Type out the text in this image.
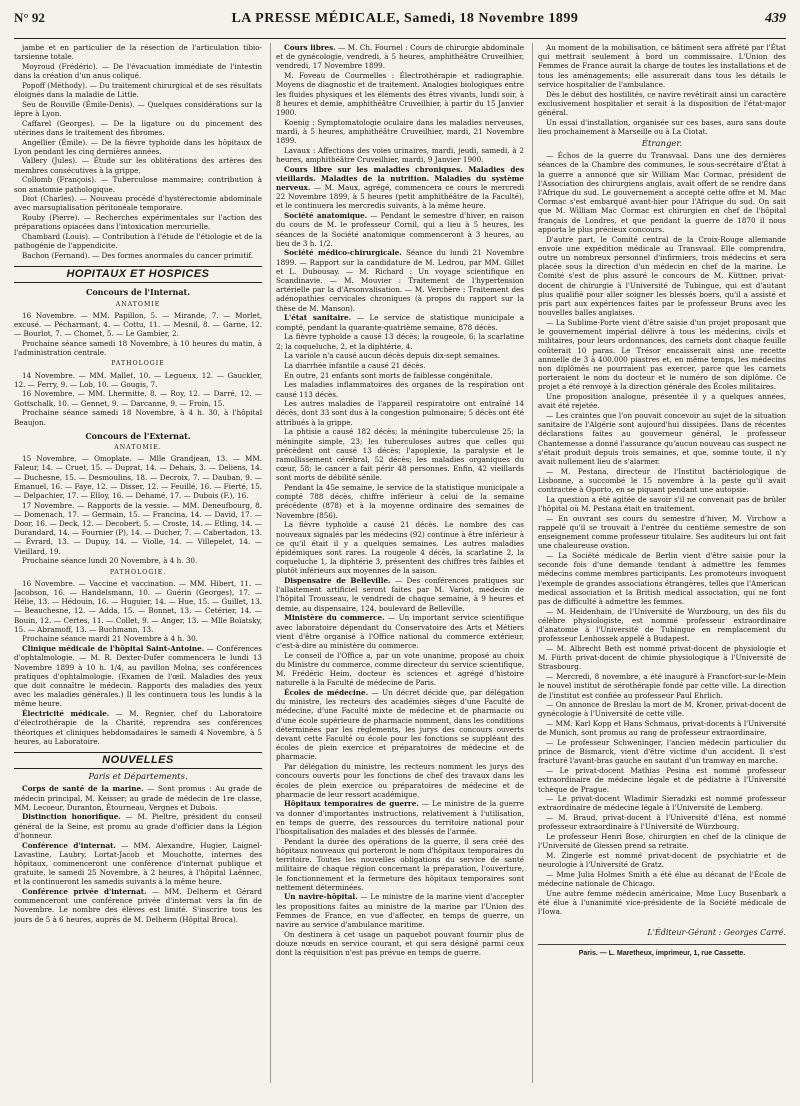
N° 92	LA PRESSE MÉDICALE, Samedi, 18 Novembre 1899	439

jambe et en particulier de la résection de l'articulation tibio-tarsienne totale.

Moyroud (Frédéric). — De l'évacuation immédiate de l'intestin dans la création d'un anus coliqué.

Popoff (Méthody). — Du traitement chirurgical et de ses résultats éloignés dans la maladie de Little.

Seu de Rouville (Émile-Denis). — Quelques considérations sur la lèpre à Lyon.

Caffarel (Georges). — De la ligature ou du pincement des utérines dans le traitement des fibromes.

Angellier (Émile). — De la fièvre typhoïde dans les hôpitaux de Lyon pendant les cinq dernières années.

Vallery (Jules). — Étude sur les oblitérations des artères des membres consécutives à la grippe.

Collomb (François). — Tuberculose mammaire; contribution à son anatomie pathologique.

Diot (Charles). — Nouveau procédé d'hystérectomie abdominale avec marsupialisation péritonéale temporaire.

Rouby (Pierre). — Recherches expérimentales sur l'action des préparations opiacées dans l'intoxication mercurielle.

Chambard (Louis). — Contribution à l'étude de l'étiologie et de la pathogénie de l'appendicite.

Bachon (Fernand). — Des formes anormales du cancer primitif.

HOPITAUX ET HOSPICES
Concours de l'Internat.
ANATOMIE

16 Novembre. — MM. Papillon, 5. — Mirande, 7. — Morlet, excusé. — Pécharmant, 4. — Cottu, 11. — Mesnil, 8. — Garne, 12. — Bourlot, 7. — Chomet, 5. — Le Gambier, 2.

Prochaine séance samedi 18 Novembre, à 10 heures du matin, à l'administration centrale.

PATHOLOGIE

14 Novembre. — MM. Mallet, 10. — Legueux, 12. — Gauckler, 12. — Ferry, 9. — Lob, 10. — Gougis, 7.

16 Novembre. — MM. Lhermitte, 8. — Roy, 12. — Darré, 12. — Gottschalk, 10. — Gennet, 9. — Darcanne, 9. — Froin, 15.

Prochaine séance samedi 18 Novembre, à 4 h. 30, à l'hôpital Beaujon.

Concours de l'Externat.
ANATOMIE.

15 Novembre. — Omoplate. — Mlle Grandjean, 13. — MM. Faleur, 14. — Cruet, 15. — Duprat, 14. — Dehais, 3. — Deliens, 14. — Duchesne, 15. — Desmoulins, 18. — Decroix, 7. — Dauban, 9. — Emanuel, 16. — Faye, 12. — Disser, 12. — Feuillé, 16. — Fierté, 15. — Delpachier, 17. — Elloy, 16. — Dehamé, 17. — Dubois (F.), 16.

17 Novembre. — Rapports de la vessie. — MM. Deneufbourg, 8. — Domenach, 17. — Germain, 15. — Francina, 14. — David, 17. — Door, 16. — Deck, 12. — Decobert, 5. — Croste, 14. — Etling, 14. — Durandard, 14. — Fournier (P), 14. — Ducher, 7. — Cabertadon, 13. — Évrard, 13. — Dupuy, 14. — Violle, 14. — Villepelet, 14. — Vieillard, 19.

Prochaine séance lundi 20 Novembre, à 4 h. 30.

PATHOLOGIE.

16 Novembre. — Vaccine et vaccination. — MM. Hibert, 11. — Jacobson, 16. — Handelsmann, 10. — Guérin (Georges), 17. — Hélie, 13. — Hédouin, 16. — Huguier, 14. — Hue, 15. — Guillet, 13. — Beauchesne, 12. — Adda, 15. — Bonnet, 13. — Cetérier, 14. — Bouin, 12. — Certes, 11. — Collet, 9. — Anger, 13. — Mlle Boïatsky, 15. — Abramoff, 13. — Buchmann, 13.

Prochaine séance mardi 21 Novembre à 4 h. 30.

Clinique médicale de l'hôpital Saint-Antoine. — Conférences d'ophtalmologie. — M. R. Dexter-Dufer commencera le lundi 13 Novembre 1899 à 10 h. 1/4, au pavillon Moïna, ses conférences pratiques d'ophtalmologie. (Examen de l'œil. Maladies des yeux que doit connaître le médecin. Rapports des maladies des yeux avec les maladies générales.) Il les continuera tous les lundis à la même heure.

Électricité médicale. — M. Regnier, chef du Laboratoire d'électrothérapie de la Charité, reprendra ses conférences théoriques et cliniques hebdomadaires le samedi 4 Novembre, à 5 heures, au Laboratoire.

NOUVELLES
Paris et Départements.

Corps de santé de la marine. — Sont promus : Au grade de médecin principal, M. Keisser; au grade de médecin de 1re classe, MM. Lecoeur, Duranton, Étourneau, Vergnes et Dubois.

Distinction honorifique. — M. Pieltre, président du conseil général de la Seine, est promu au grade d'officier dans la Légion d'honneur.

Conférence d'internat. — MM. Alexandre, Hugier, Laignel-Lavastine, Laubry, Lortat-Jacob et Mouchotte, internes des hôpitaux, commenceront une conférence d'internat publique et gratuite, le samedi 25 Novembre, à 2 heures, à l'hôpital Laënnec, et la continueront les samedis suivants à la même heure.

Conférence privée d'internat. — MM. Delherm et Gérard commenceront une conférence privée d'internat vers la fin de Novembre. Le nombre des élèves est limité. S'inscrire tous les jours de 5 à 6 heures, auprès de M. Delherm (Hôpital Broca).

Cours libres. — M. Ch. Fournel : Cours de chirurgie abdominale et de gynécologie, vendredi, à 5 heures, amphithéâtre Cruveilhier, vendredi, 17 Novembre 1899.

M. Foveau de Courmelles : Électrothérapie et radiographie. Moyens de diagnostic et de traitement. Analogies biologiques entre les fluides physiques et les éléments des êtres vivants, lundi soir, à 8 heures et demie, amphithéâtre Cruveilhier, à partir du 15 Janvier 1900.

Koenig : Symptomatologie oculaire dans les maladies nerveuses, mardi, à 5 heures, amphithéâtre Cruveilhier, mardi, 21 Novembre 1899.

Lavaux : Affections des voies urinaires, mardi, jeudi, samedi, à 2 heures, amphithéâtre Cruveilhier, mardi, 9 Janvier 1900.

Cours libre sur les maladies chroniques. Maladies des vieillards. Maladies de la nutrition. Maladies du système nerveux. — M. Maux, agrégé, commencera ce cours le mercredi 22 Novembre 1899, à 5 heures (petit amphithéâtre de la Faculté), et le continuera les mercredis suivants, à la même heure.

Société anatomique. — Pendant le semestre d'hiver, en raison du cours de M. le professeur Cornil, qui a lieu à 5 heures, les séances de la Société anatomique commenceront à 3 heures, au lieu de 3 h. 1/2.

Société médico-chirurgicale. Séance du lundi 21 Novembre 1899. — Rapport sur la candidature de M. Ledrou, par MM. Gillet et L. Dubousay. — M. Richard : Un voyage scientifique en Scandinavie. — M. Mouvier : Traitement de l'hypertension artérielle par la d'Arsonvalisation. — M. Verchère : Traitement des adénopathies cervicales chroniques (à propos du rapport sur la thèse de M. Manson).

L'état sanitaire. — Le service de statistique municipale a compté, pendant la quarante-quatrième semaine, 878 décès.

La fièvre typhoïde a causé 13 décès; la rougeole, 6; la scarlatine 2; la coqueluche, 2, et la diphtérie, 4.

La variole n'a causé aucun décès depuis dix-sept semaines.

La diarrhée infantile a causé 21 décès.

En outre, 21 enfants sont morts de faiblesse congénitale.

Les maladies inflammatoires des organes de la respiration ont causé 113 décès.

Les autres maladies de l'appareil respiratoire ont entraîné 14 décès, dont 33 sont dus à la congestion pulmonaire; 5 décès ont été attribués à la grippe.

La phtisie a causé 182 décès; la méningite tuberculeuse 25; la méningite simple, 23; les tuberculoses autres que celles qui précèdent ont causé 13 décès; l'apoplexie, la paralysie et le ramollissement cérébral, 52 décès; les maladies organiques du cœur, 58; le cancer a fait périr 48 personnes. Enfin, 42 vieillards sont morts de débilité sénile.

Pendant la 45e semaine, le service de la statistique municipale a compté 788 décès, chiffre inférieur à celui de la semaine précédente (878) et à la moyenne ordinaire des semaines de Novembre (856).

La fièvre typhoïde a causé 21 décès. Le nombre des cas nouveaux signalés par les médecins (92) continue à être inférieur à ce qu'il était il y a quelques semaines. Les autres maladies épidémiques sont rares. La rougeole 4 décès, la scarlatine 2, la coqueluche 1, la diphtérie 3, présentent des chiffres très faibles et plutôt inférieurs aux moyennes de la saison.

Dispensaire de Belleville. — Des conférences pratiques sur l'allaitement artificiel seront faites par M. Variot, médecin de l'hôpital Trousseau, le vendredi de chaque semaine, à 9 heures et demie, au dispensaire, 124, boulevard de Belleville.

Ministère du commerce. — Un important service scientifique avec laboratoire dépendant du Conservatoire des Arts et Métiers vient d'être organisé à l'Office national du commerce extérieur, c'est-à-dire au ministère du commerce.

Le conseil de l'Office a, par un vote unanime, proposé au choix du Ministre du commerce, comme directeur du service scientifique, M. Frédéric Heim, docteur ès sciences et agrégé d'histoire naturelle à la Faculté de médecine de Paris.

Écoles de médecine. — Un décret décide que, par délégation du ministre, les recteurs des académies sièges d'une Faculté de médecine, d'une Faculté mixte de médecine et de pharmacie ou d'une école supérieure de pharmacie nomment, dans les conditions déterminées par les règlements, les jurys des concours ouverts devant cette Faculté ou école pour les fonctions se suppléant des écoles de plein exercice et préparatoires de médecine et de pharmacie.

Par délégation du ministre, les recteurs nomment les jurys des concours ouverts pour les fonctions de chef des travaux dans les écoles de plein exercice ou préparatoires de médecine et de pharmacie de leur ressort académique.

Hôpitaux temporaires de guerre. — Le ministre de la guerre va donner d'importantes instructions, relativement à l'utilisation, en temps de guerre, des ressources du territoire national pour l'hospitalisation des malades et des blessés de l'armée.

Pendant la durée des opérations de la guerre, il sera créé des hôpitaux nouveaux qui porteront le nom d'hôpitaux temporaires du territoire. Toutes les nouvelles obligations du service de santé militaire de chaque région concernant la préparation, l'ouverture, le fonctionnement et la fermeture des hôpitaux temporaires sont nettement déterminées.

Un navire-hôpital. — Le ministre de la marine vient d'accepter les propositions faites au ministre de la marine par l'Union des Femmes de France, en vue d'affecter, en temps de guerre, un navire au service d'ambulance maritime.

On destinera à cet usage un paquebot pouvant fournir plus de douze nœuds en service courant, et qui sera désigné parmi ceux dont la réquisition n'est pas prévue en temps de guerre.

Au moment de la mobilisation, ce bâtiment sera affrété par l'État qui mettrait seulement à bord un commissaire. L'Union des Femmes de France aurait la charge de toutes les installations et de tous les aménagements; elle assurerait dans tous les détails le service hospitalier de l'ambulance.

Dès le début des hostilités, ce navire revêtirait ainsi un caractère exclusivement hospitalier et serait à la disposition de l'état-major général.

Un essai d'installation, organisée sur ces bases, aura sans doute lieu prochainement à Marseille ou à La Ciotat.

Étranger.

— Échos de la guerre du Transvaal. Dans une des dernières séances de la Chambre des communes, le sous-secrétaire d'État à la guerre a annoncé que sir William Mac Cormac, président de l'Association des chirurgiens anglais, avait offert de se rendre dans l'Afrique du sud. Le gouvernement a accepté cette offre et M. Mac Cormac s'est embarqué avant-hier pour l'Afrique du sud. On sait que M. William Mac Cormac est chirurgien en chef de l'hôpital français de Londres, et que pendant la guerre de 1870 il nous apporta le plus précieux concours.

D'autre part, le Comité central de la Croix-Rouge allemande envoie une expédition médicale au Transvaal. Elle comprendra, outre un nombreux personnel d'infirmiers, trois médecins et sera placée sous la direction d'un médecin en chef de la marine. Le Comité s'est de plus assuré le concours de M. Küttner, privat-docent de chirurgie à l'Université de Tubingue, qui est d'autant plus qualifié pour aller soigner les blessés boers, qu'il a assisté et pris part aux expériences faites par le professeur Bruns avec les nouvelles balles anglaises.

— La Sublime-Porte vient d'être saisie d'un projet proposant que le gouvernement impérial délivre à tous les médecins, civils et militaires, pour leurs ordonnances, des carnets dont chaque feuille coûterait 10 paras. Le Trésor encaisserait ainsi une recette annuelle de 3 à 400.000 piastres et, en même temps, les médecins non diplômés ne pourraient pas exercer, parce que les carnets porteraient le nom du docteur et le numéro de son diplôme. Ce projet a été renvoyé à la direction générale des Écoles militaires.

Une proposition analogue, présentée il y a quelques années, avait été rejetée.

— Les craintes que l'on pouvait concevoir au sujet de la situation sanitaire de l'Algérie sont aujourd'hui dissipées. Dans de récentes déclarations faites au gouverneur général, le professeur Chantemesse a donné l'assurance qu'aucun nouveau cas suspect ne s'était produit depuis trois semaines, et que, somme toute, il n'y avait nullement lieu de s'alarmer.

— M. Pestana, directeur de l'Institut bactériologique de Lisbonne, a succombé le 15 novembre à la peste qu'il avait contractée à Oporto, en se piquant pendant une autopsie.

La question a été agitée de savoir s'il ne convenait pas de brûler l'hôpital où M. Pestana était en traitement.

— En ouvrant ses cours du semestre d'hiver, M. Virchow a rappelé qu'il se trouvait à l'entrée du centième semestre de son enseignement comme professeur titulaire. Ses auditeurs lui ont fait une chaleureuse ovation.

— La Société médicale de Berlin vient d'être saisie pour la seconde fois d'une demande tendant à admettre les femmes médecins comme membres participants. Les promoteurs invoquent l'exemple de grandes associations étrangères, telles que l'American medical association et la British medical association, qui ne font pas de difficulté à admettre les femmes.

— M. Heidenhain, de l'Université de Wurzbourg, un des fils du célèbre physiologiste, est nommé professeur extraordinaire d'anatomie à l'Université de Tubingue en remplacement du professeur Lenhossek appelé à Budapest.

— M. Albrecht Beth est nommé privat-docent de physiologie et M. Fürth privat-docent de chimie physiologique à l'Université de Strasbourg.

— Mercredi, 8 novembre, a été inauguré à Francfort-sur-le-Mein le nouvel institut de sérothérapie fondé par cette ville. La direction de l'institut est confiée au professeur Paul Ehrlich.

— On annonce de Breslau la mort de M. Kroner, privat-docent de gynécologie à l'Université de cette ville.

— MM. Karl Kopp et Hans Schmaus, privat-docents à l'Université de Munich, sont promus au rang de professeur extraordinaire.

— Le professeur Schweninger, l'ancien médecin particulier du prince de Bismarck, vient d'être victime d'un accident. Il s'est fracturé l'avant-bras gauche en sautant d'un tramway en marche.

— Le privat-docent Mathias Pesina est nommé professeur extraordinaire de médecine légale et de pédiatrie à l'Université tchèque de Prague.

— Le privat-docent Wladimir Sieradzki est nommé professeur extraordinaire de médecine légale à l'Université de Lemberg.

— M. Braud, privat-docent à l'Université d'Iéna, est nommé professeur extraordinaire à l'Université de Würzbourg.

Le professeur Henri Bose, chirurgien en chef de la clinique de l'Université de Giessen prend sa retraite.

M. Zingerle est nommé privat-docent de psychiatrie et de neurologie à l'Université de Gratz.

— Mme Julia Holmes Smith a été élue au décanat de l'École de médecine nationale de Chicago.

Une autre femme médecin américaine, Mme Lucy Busenbark a été élue à l'unanimité vice-présidente de la Société médicale de l'Iowa.

L'Éditeur-Gérant : Georges Carré.
Paris. — L. Maretheux, imprimeur, 1, rue Cassette.
